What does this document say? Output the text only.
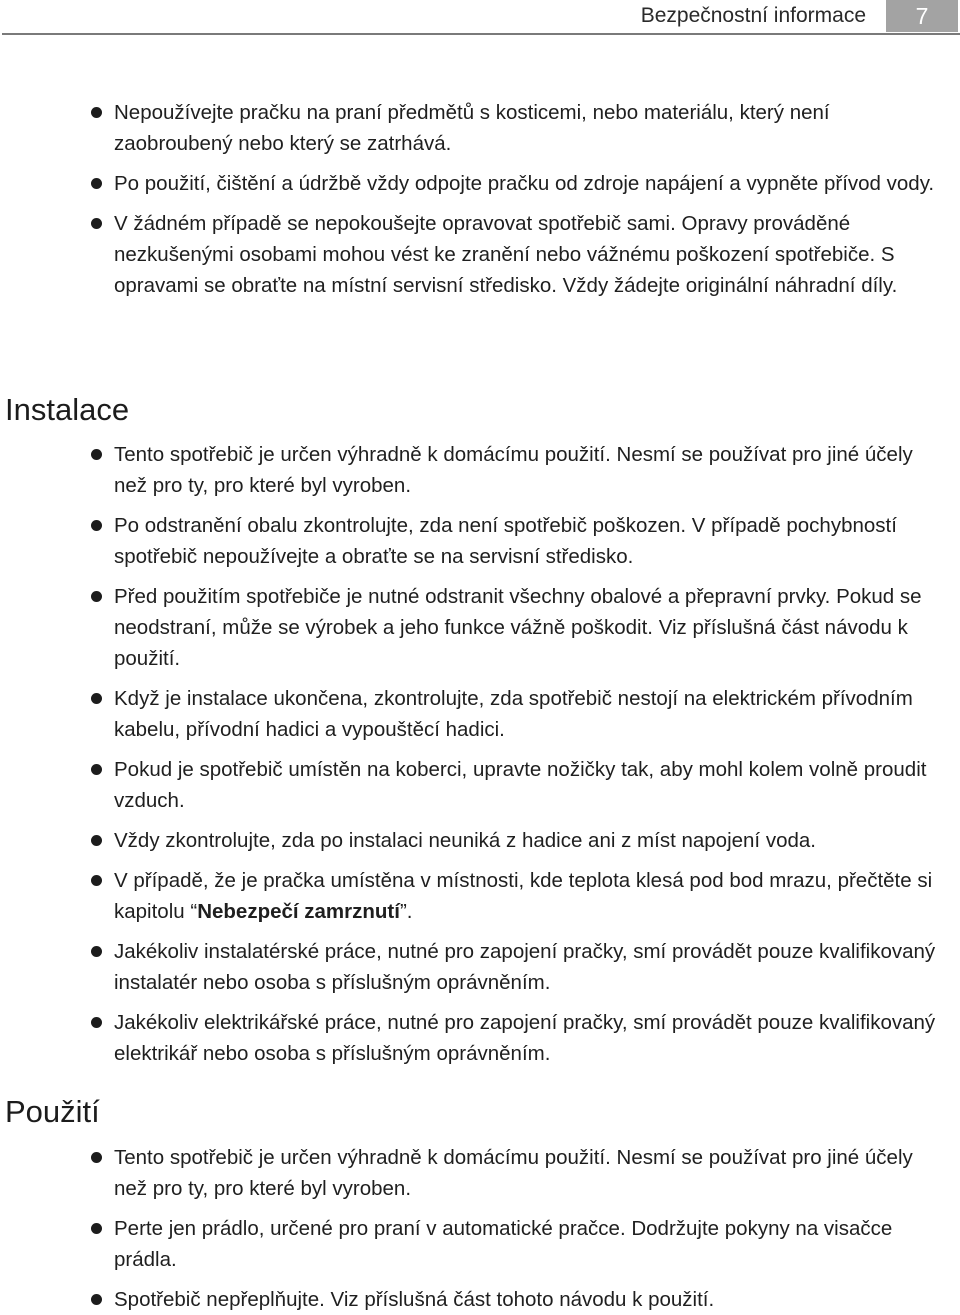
Bezpečnostní informace	7
Nepoužívejte pračku na praní předmětů s kosticemi, nebo materiálu, který není zaobroubený nebo který se zatrhává.
Po použití, čištění a údržbě vždy odpojte pračku od zdroje napájení a vypněte přívod vody.
V žádném případě se nepokoušejte opravovat spotřebič sami. Opravy prováděné nezkušenými osobami mohou vést ke zranění nebo vážnému poškození spotřebiče. S opravami se obraťte na místní servisní středisko. Vždy žádejte originální náhradní díly.
Instalace
Tento spotřebič je určen výhradně k domácímu použití. Nesmí se používat pro jiné účely než pro ty, pro které byl vyroben.
Po odstranění obalu zkontrolujte, zda není spotřebič poškozen. V případě pochybností spotřebič nepoužívejte a obraťte se na servisní středisko.
Před použitím spotřebiče je nutné odstranit všechny obalové a přepravní prvky. Pokud se neodstraní, může se výrobek a jeho funkce vážně poškodit. Viz příslušná část návodu k použití.
Když je instalace ukončena, zkontrolujte, zda spotřebič nestojí na elektrickém přívodním kabelu, přívodní hadici a vypouštěcí hadici.
Pokud je spotřebič umístěn na koberci, upravte nožičky tak, aby mohl kolem volně proudit vzduch.
Vždy zkontrolujte, zda po instalaci neuniká z hadice ani z míst napojení voda.
V případě, že je pračka umístěna v místnosti, kde teplota klesá pod bod mrazu, přečtěte si kapitolu “Nebezpečí zamrznutí”.
Jakékoliv instalatérské práce, nutné pro zapojení pračky, smí provádět pouze kvalifikovaný instalatér nebo osoba s příslušným oprávněním.
Jakékoliv elektrikářské práce, nutné pro zapojení pračky, smí provádět pouze kvalifikovaný elektrikář nebo osoba s příslušným oprávněním.
Použití
Tento spotřebič je určen výhradně k domácímu použití. Nesmí se používat pro jiné účely než pro ty, pro které byl vyroben.
Perte jen prádlo, určené pro praní v automatické pračce. Dodržujte pokyny na visačce prádla.
Spotřebič nepřeplňujte. Viz příslušná část tohoto návodu k použití.
